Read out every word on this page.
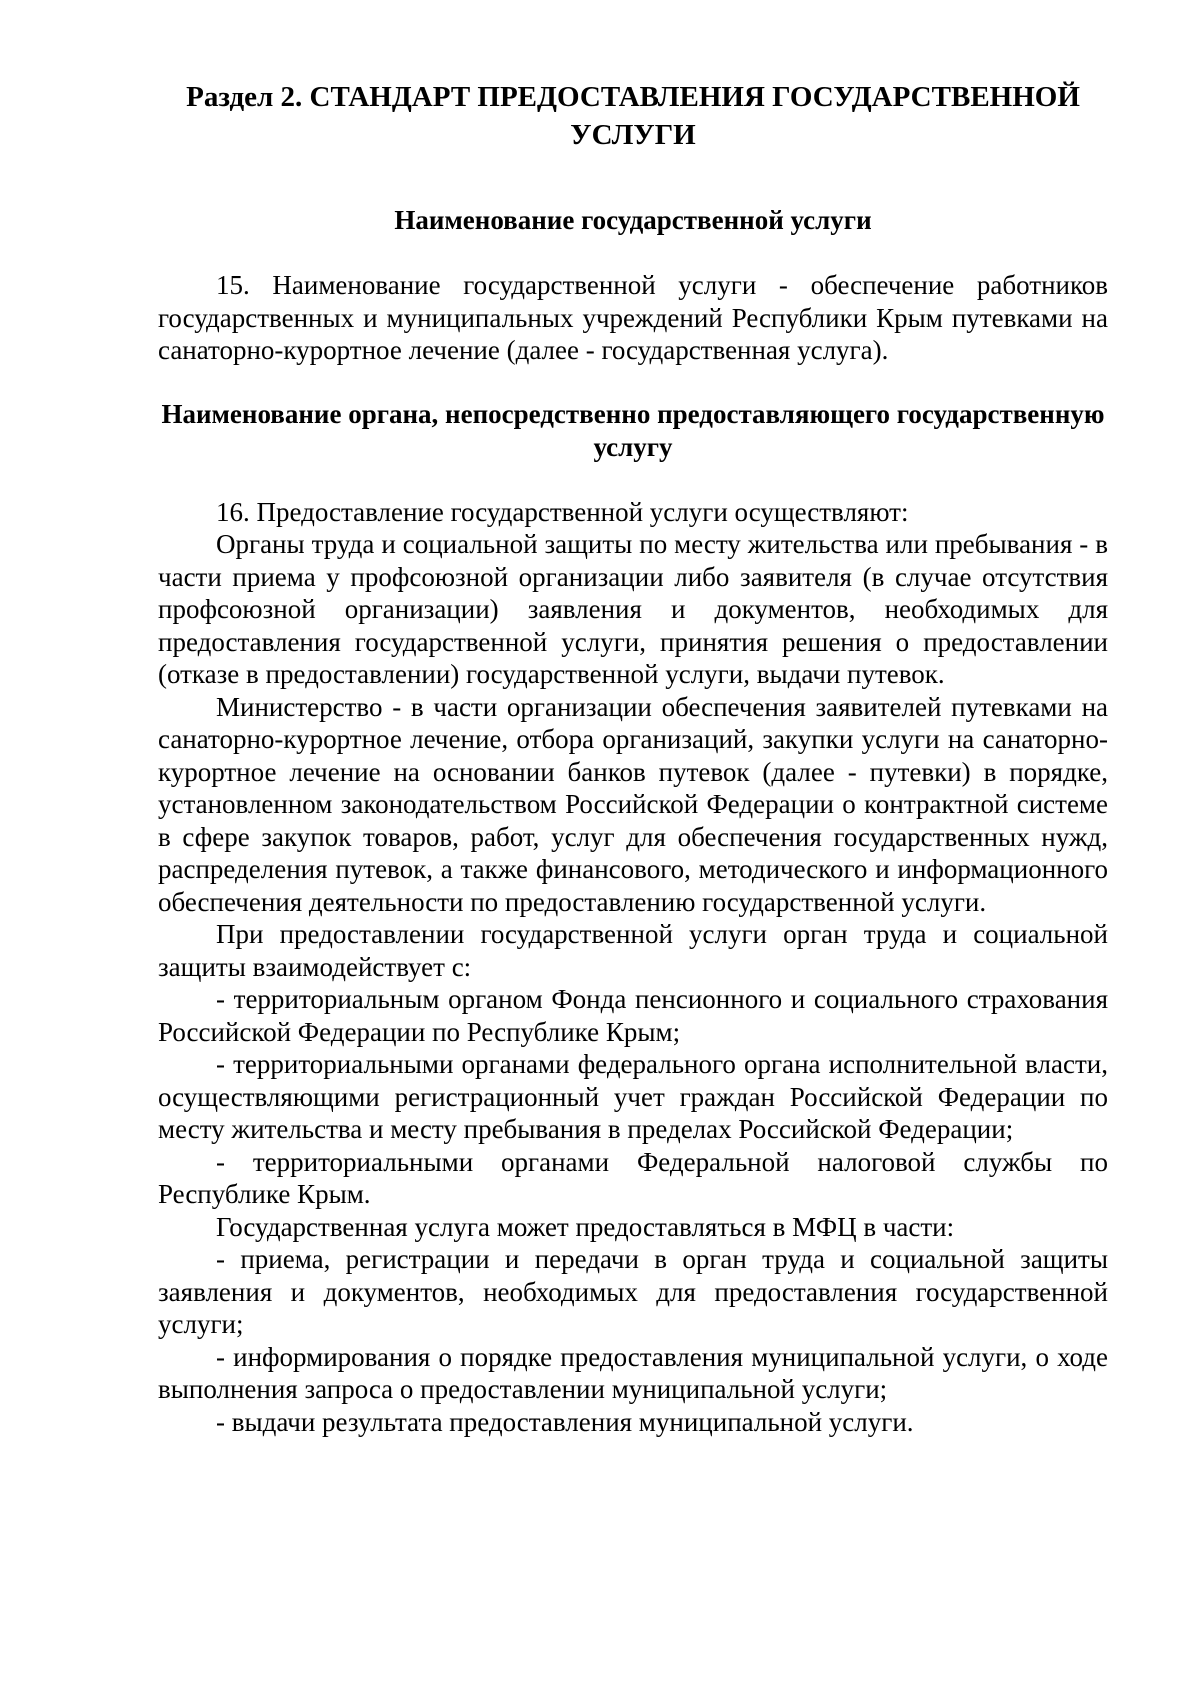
Раздел 2. СТАНДАРТ ПРЕДОСТАВЛЕНИЯ ГОСУДАРСТВЕННОЙ УСЛУГИ
Наименование государственной услуги

15. Наименование государственной услуги - обеспечение работников государственных и муниципальных учреждений Республики Крым путевками на санаторно-курортное лечение (далее - государственная услуга).

Наименование органа, непосредственно предоставляющего государственную услугу

16. Предоставление государственной услуги осуществляют:

Органы труда и социальной защиты по месту жительства или пребывания - в части приема у профсоюзной организации либо заявителя (в случае отсутствия профсоюзной организации) заявления и документов, необходимых для предоставления государственной услуги, принятия решения о предоставлении (отказе в предоставлении) государственной услуги, выдачи путевок.

Министерство - в части организации обеспечения заявителей путевками на санаторно-курортное лечение, отбора организаций, закупки услуги на санаторно-курортное лечение на основании банков путевок (далее - путевки) в порядке, установленном законодательством Российской Федерации о контрактной системе в сфере закупок товаров, работ, услуг для обеспечения государственных нужд, распределения путевок, а также финансового, методического и информационного обеспечения деятельности по предоставлению государственной услуги.

При предоставлении государственной услуги орган труда и социальной защиты взаимодействует с:

- территориальным органом Фонда пенсионного и социального страхования Российской Федерации по Республике Крым;

- территориальными органами федерального органа исполнительной власти, осуществляющими регистрационный учет граждан Российской Федерации по месту жительства и месту пребывания в пределах Российской Федерации;

- территориальными органами Федеральной налоговой службы по Республике Крым.

Государственная услуга может предоставляться в МФЦ в части:

- приема, регистрации и передачи в орган труда и социальной защиты заявления и документов, необходимых для предоставления государственной услуги;

- информирования о порядке предоставления муниципальной услуги, о ходе выполнения запроса о предоставлении муниципальной услуги;

- выдачи результата предоставления муниципальной услуги.
